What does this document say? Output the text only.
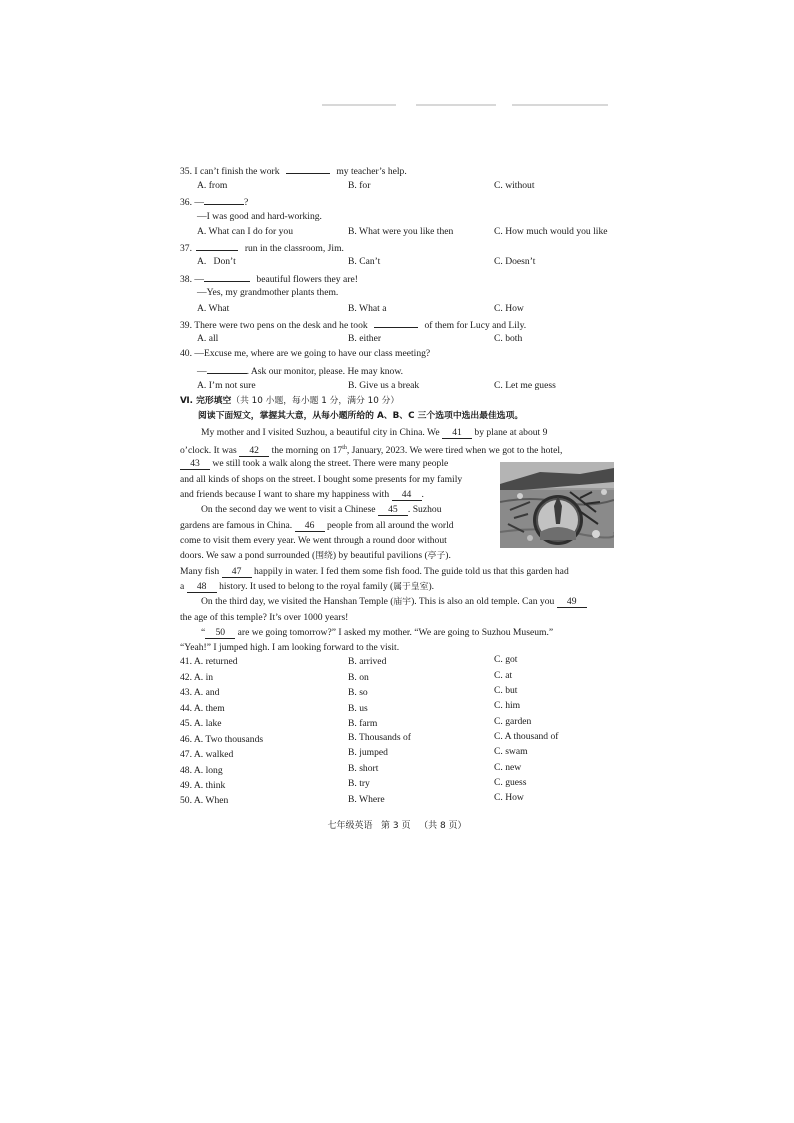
35. I can’t finish the work	my teacher’s help.
A. from	B. for	C. without
36. —	?
—I was good and hard-working.
A. What can I do for you	B. What were you like then	C. How much would you like
37.	run in the classroom, Jim.
A.   Don’t	B. Can’t	C. Doesn’t
38. —	beautiful flowers they are!
—Yes, my grandmother plants them.
A. What	B. What a	C. How
39. There were two pens on the desk and he took	of them for Lucy and Lily.
A. all	B. either	C. both
40. —Excuse me, where are we going to have our class meeting?
—	. Ask our monitor, please. He may know.
A. I’m not sure	B. Give us a break	C. Let me guess
Ⅵ. 完形填空（共 10 小题，每小题 1 分，满分 10 分）
阅读下面短文，掌握其大意，从每小题所给的 A、B、C 三个选项中选出最佳选项。
My mother and I visited Suzhou, a beautiful city in China. We 41 by plane at about 9
o’clock. It was 42 the morning on 17th, January, 2023. We were tired when we got to the hotel,
43 we still took a walk along the street. There were many people
and all kinds of shops on the street. I bought some presents for my family
and friends because I want to share my happiness with 44 .
On the second day we went to visit a Chinese 45 . Suzhou
gardens are famous in China. 46 people from all around the world
come to visit them every year. We went through a round door without
doors. We saw a pond surrounded (围绕) by beautiful pavilions (亭子).
Many fish 47 happily in water. I fed them some fish food. The guide told us that this garden had
a 48 history. It used to belong to the royal family (属于皇室).
On the third day, we visited the Hanshan Temple (庙宇). This is also an old temple. Can you 49
the age of this temple? It’s over 1000 years!
“ 50 are we going tomorrow?” I asked my mother. “We are going to Suzhou Museum.”
“Yeah!” I jumped high. I am looking forward to the visit.
41. A. returned	B. arrived	C. got
42. A. in	B. on	C. at
43. A. and	B. so	C. but
44. A. them	B. us	C. him
45. A. lake	B. farm	C. garden
46. A. Two thousands	B. Thousands of	C. A thousand of
47. A. walked	B. jumped	C. swam
48. A. long	B. short	C. new
49. A. think	B. try	C. guess
50. A. When	B. Where	C. How
七年级英语   第 3 页   （共 8 页）
